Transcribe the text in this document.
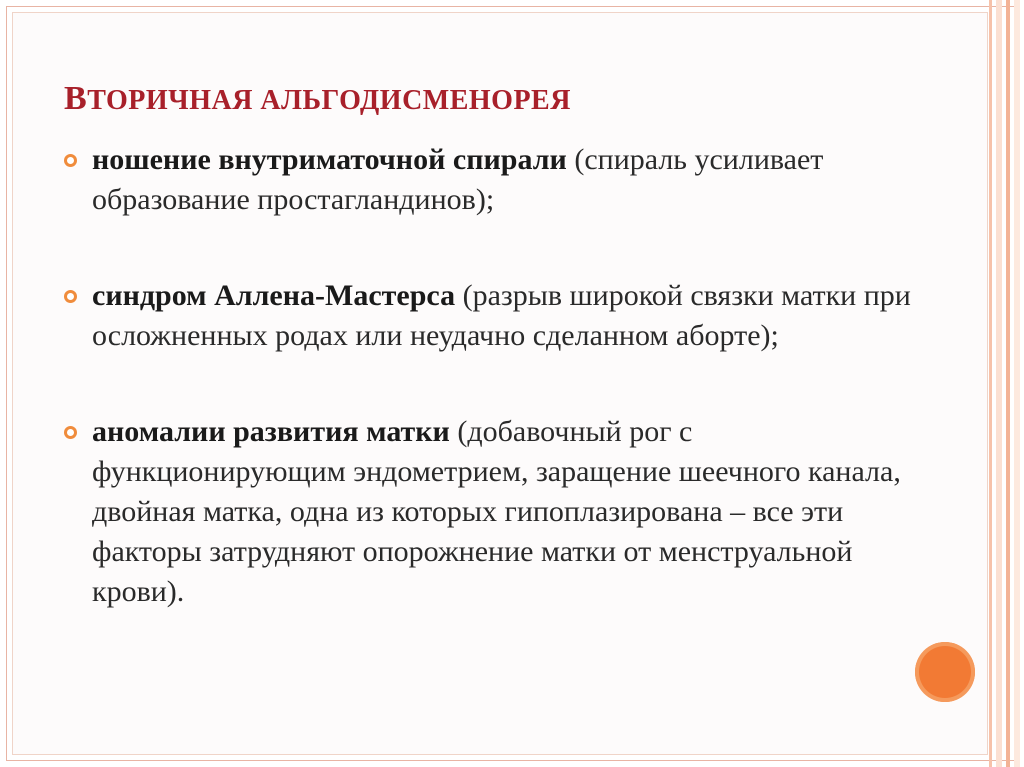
ВТОРИЧНАЯ АЛЬГОДИСМЕНОРЕЯ
ношение внутриматочной спирали (спираль усиливает образование простагландинов);
синдром Аллена-Мастерса (разрыв широкой связки матки при осложненных родах или неудачно сделанном аборте);
аномалии развития матки (добавочный рог с функционирующим эндометрием, заращение шеечного канала, двойная матка, одна из которых гипоплазирована – все эти факторы затрудняют опорожнение матки от менструальной крови).
